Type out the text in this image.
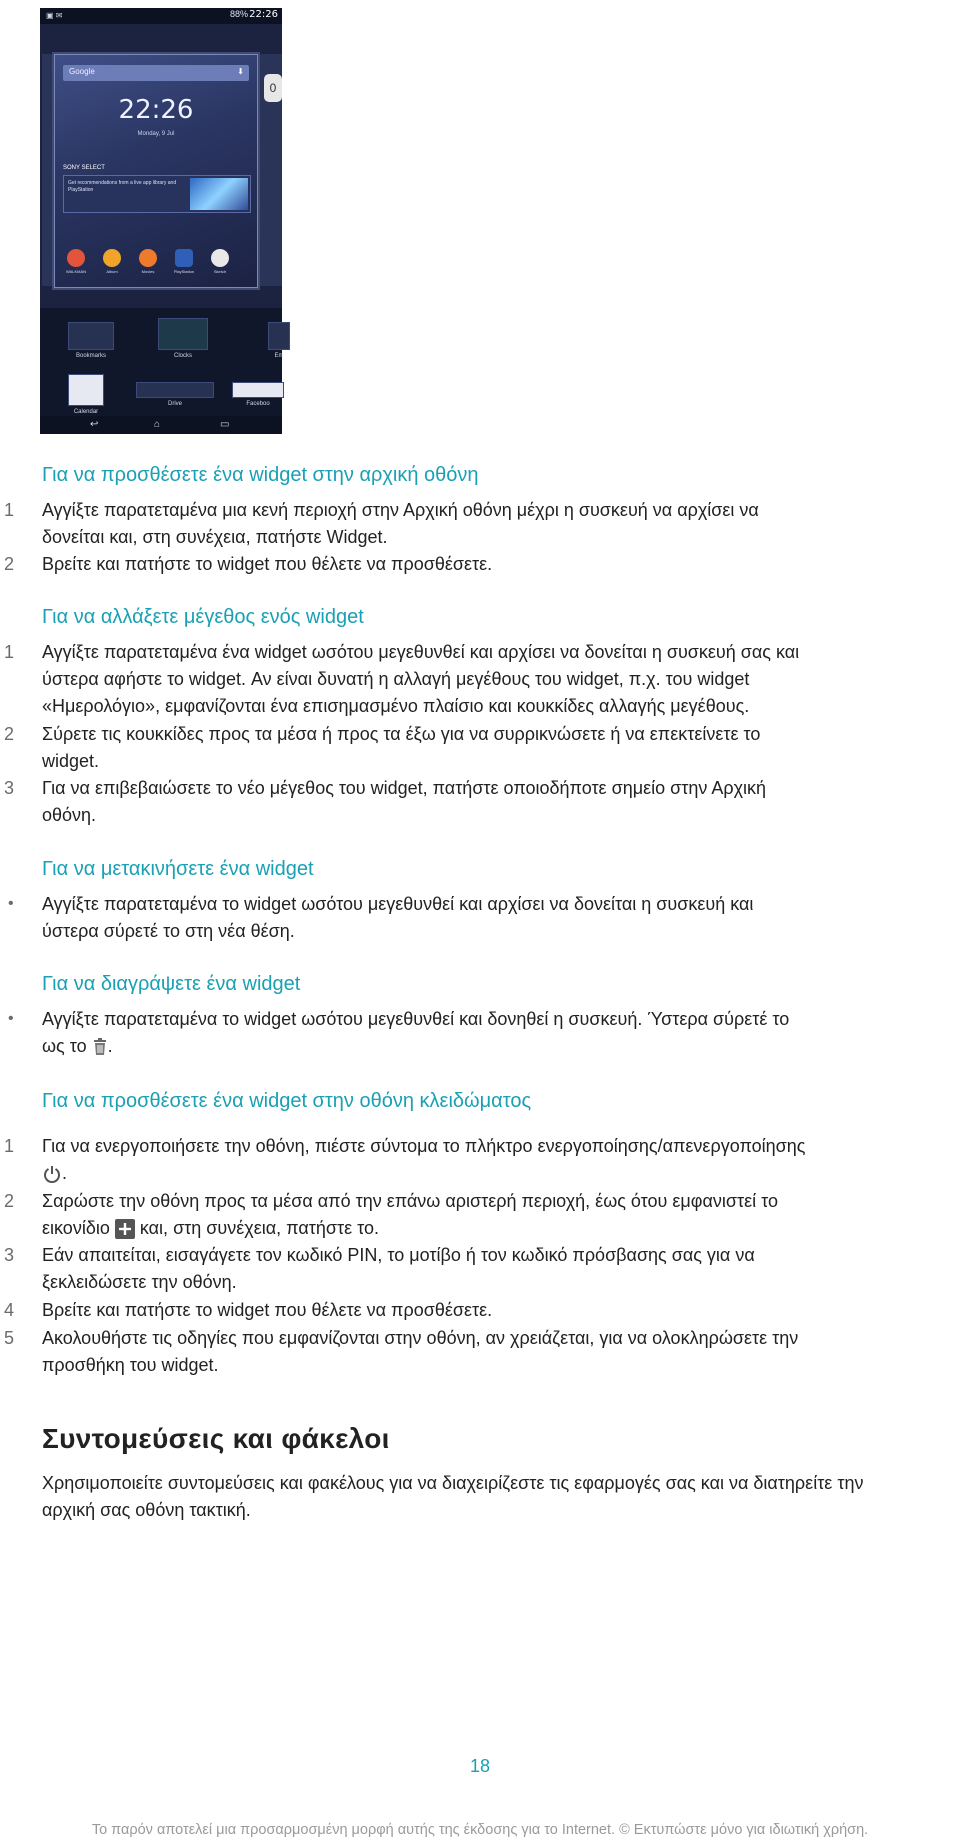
▣ ✉	88% 22:26
0
Google	⬇
22:26
Monday, 9 Jul
SONY SELECT
Get recommendations from a live app library and PlayStation
WALKMAN	Album	Movies	PlayStation	Sketch
Bookmarks	Clocks	Em
Calendar
Drive	Faceboo
↩	⌂	▭
Για να προσθέσετε ένα widget στην αρχική οθόνη
1 Αγγίξτε παρατεταμένα μια κενή περιοχή στην Αρχική οθόνη μέχρι η συσκευή να αρχίσει να
δονείται και, στη συνέχεια, πατήστε Widget.

2 Βρείτε και πατήστε το widget που θέλετε να προσθέσετε.

Για να αλλάξετε μέγεθος ενός widget
1 Αγγίξτε παρατεταμένα ένα widget ωσότου μεγεθυνθεί και αρχίσει να δονείται η συσκευή σας και
ύστερα αφήστε το widget. Αν είναι δυνατή η αλλαγή μεγέθους του widget, π.χ. του widget
«Ημερολόγιο», εμφανίζονται ένα επισημασμένο πλαίσιο και κουκκίδες αλλαγής μεγέθους.

2 Σύρετε τις κουκκίδες προς τα μέσα ή προς τα έξω για να συρρικνώσετε ή να επεκτείνετε το
widget.

3 Για να επιβεβαιώσετε το νέο μέγεθος του widget, πατήστε οποιοδήποτε σημείο στην Αρχική
οθόνη.

Για να μετακινήσετε ένα widget
• Αγγίξτε παρατεταμένα το widget ωσότου μεγεθυνθεί και αρχίσει να δονείται η συσκευή και
ύστερα σύρετέ το στη νέα θέση.

Για να διαγράψετε ένα widget
• Αγγίξτε παρατεταμένα το widget ωσότου μεγεθυνθεί και δονηθεί η συσκευή. Ύστερα σύρετέ το
ως το .

Για να προσθέσετε ένα widget στην οθόνη κλειδώματος
1 Για να ενεργοποιήσετε την οθόνη, πιέστε σύντομα το πλήκτρο ενεργοποίησης/απενεργοποίησης
.

2 Σαρώστε την οθόνη προς τα μέσα από την επάνω αριστερή περιοχή, έως ότου εμφανιστεί το
εικονίδιο και, στη συνέχεια, πατήστε το.

3 Εάν απαιτείται, εισαγάγετε τον κωδικό PIN, το μοτίβο ή τον κωδικό πρόσβασης σας για να
ξεκλειδώσετε την οθόνη.

4 Βρείτε και πατήστε το widget που θέλετε να προσθέσετε.

5 Ακολουθήστε τις οδηγίες που εμφανίζονται στην οθόνη, αν χρειάζεται, για να ολοκληρώσετε την
προσθήκη του widget.

Συντομεύσεις και φάκελοι

Χρησιμοποιείτε συντομεύσεις και φακέλους για να διαχειρίζεστε τις εφαρμογές σας και να διατηρείτε την
αρχική σας οθόνη τακτική.

18
Το παρόν αποτελεί μια προσαρμοσμένη μορφή αυτής της έκδοσης για το Internet. © Εκτυπώστε μόνο για ιδιωτική χρήση.
